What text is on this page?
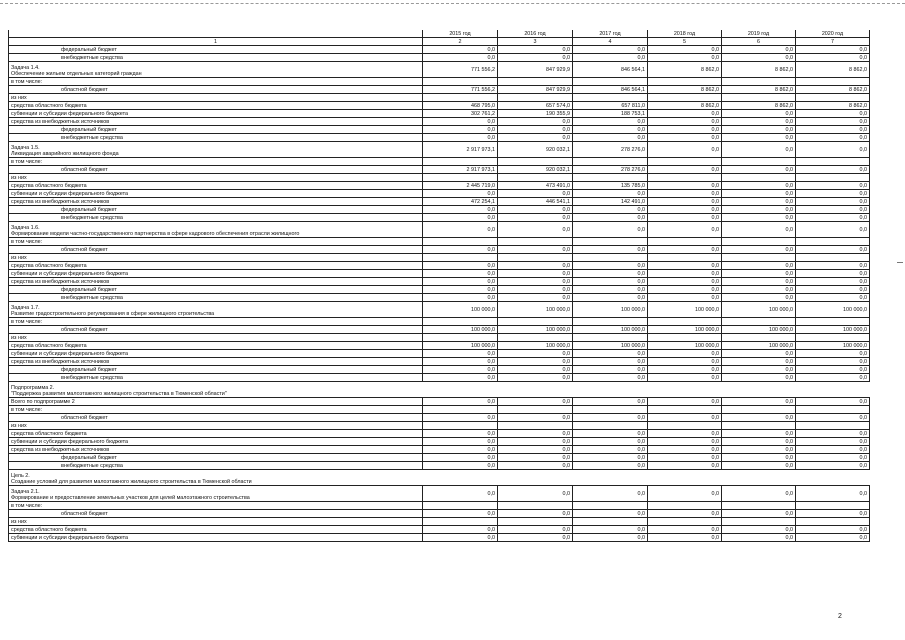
	2015 год	2016 год	2017 год	2018 год	2019 год	2020 год
1	2	3	4	5	6	7

федеральный бюджет	0,0	0,0	0,0	0,0	0,0	0,0

внебюджетные средства	0,0	0,0	0,0	0,0	0,0	0,0

Задача 1.4.
Обеспечение жильем отдельных категорий граждан	771 556,2	847 929,9	846 564,1	8 862,0	8 862,0	8 862,0

в том числе:						

областной бюджет	771 556,2	847 929,9	846 564,1	8 862,0	8 862,0	8 862,0

из них						

средства областного бюджета	468 795,0	657 574,0	657 811,0	8 862,0	8 862,0	8 862,0

субвенции и субсидии федерального бюджета	302 761,2	190 355,9	188 753,1	0,0	0,0	0,0

средства из внебюджетных источников	0,0	0,0	0,0	0,0	0,0	0,0

федеральный бюджет	0,0	0,0	0,0	0,0	0,0	0,0

внебюджетные средства	0,0	0,0	0,0	0,0	0,0	0,0

Задача 1.5.
Ликвидация аварийного жилищного фонда	2 917 973,1	920 032,1	278 276,0	0,0	0,0	0,0

в том числе:						

областной бюджет	2 917 973,1	920 032,1	278 276,0	0,0	0,0	0,0

из них						

средства областного бюджета	2 445 719,0	473 491,0	135 785,0	0,0	0,0	0,0

субвенции и субсидии федерального бюджета	0,0	0,0	0,0	0,0	0,0	0,0

средства из внебюджетных источников	472 254,1	446 541,1	142 491,0	0,0	0,0	0,0

федеральный бюджет	0,0	0,0	0,0	0,0	0,0	0,0

внебюджетные средства	0,0	0,0	0,0	0,0	0,0	0,0

Задача 1.6.
Формирование модели частно-государственного партнерства в сфере кадрового обеспечения отрасли жилищного	0,0	0,0	0,0	0,0	0,0	0,0

в том числе:						

областной бюджет	0,0	0,0	0,0	0,0	0,0	0,0

из них						

средства областного бюджета	0,0	0,0	0,0	0,0	0,0	0,0

субвенции и субсидии федерального бюджета	0,0	0,0	0,0	0,0	0,0	0,0

средства из внебюджетных источников	0,0	0,0	0,0	0,0	0,0	0,0

федеральный бюджет	0,0	0,0	0,0	0,0	0,0	0,0

внебюджетные средства	0,0	0,0	0,0	0,0	0,0	0,0

Задача 1.7.
Развитие градостроительного регулирования в сфере жилищного строительства	100 000,0	100 000,0	100 000,0	100 000,0	100 000,0	100 000,0

в том числе:						

областной бюджет	100 000,0	100 000,0	100 000,0	100 000,0	100 000,0	100 000,0

из них						

средства областного бюджета	100 000,0	100 000,0	100 000,0	100 000,0	100 000,0	100 000,0

субвенции и субсидии федерального бюджета	0,0	0,0	0,0	0,0	0,0	0,0

средства из внебюджетных источников	0,0	0,0	0,0	0,0	0,0	0,0

федеральный бюджет	0,0	0,0	0,0	0,0	0,0	0,0

внебюджетные средства	0,0	0,0	0,0	0,0	0,0	0,0

Подпрограмма 2.
"Поддержка развития малоэтажного жилищного строительства в Тюменской области"						

Всего по подпрограмме 2	0,0	0,0	0,0	0,0	0,0	0,0

в том числе:						

областной бюджет	0,0	0,0	0,0	0,0	0,0	0,0

из них						

средства областного бюджета	0,0	0,0	0,0	0,0	0,0	0,0

субвенции и субсидии федерального бюджета	0,0	0,0	0,0	0,0	0,0	0,0

средства из внебюджетных источников	0,0	0,0	0,0	0,0	0,0	0,0

федеральный бюджет	0,0	0,0	0,0	0,0	0,0	0,0

внебюджетные средства	0,0	0,0	0,0	0,0	0,0	0,0

Цель 2.
Создание условий для развития малоэтажного жилищного строительства в Тюменской области						

Задача 2.1.
Формирование и предоставление земельных участков для целей малоэтажного строительства	0,0	0,0	0,0	0,0	0,0	0,0

в том числе:						

областной бюджет	0,0	0,0	0,0	0,0	0,0	0,0

из них						

средства областного бюджета	0,0	0,0	0,0	0,0	0,0	0,0

субвенции и субсидии федерального бюджета	0,0	0,0	0,0	0,0	0,0	0,0
2
